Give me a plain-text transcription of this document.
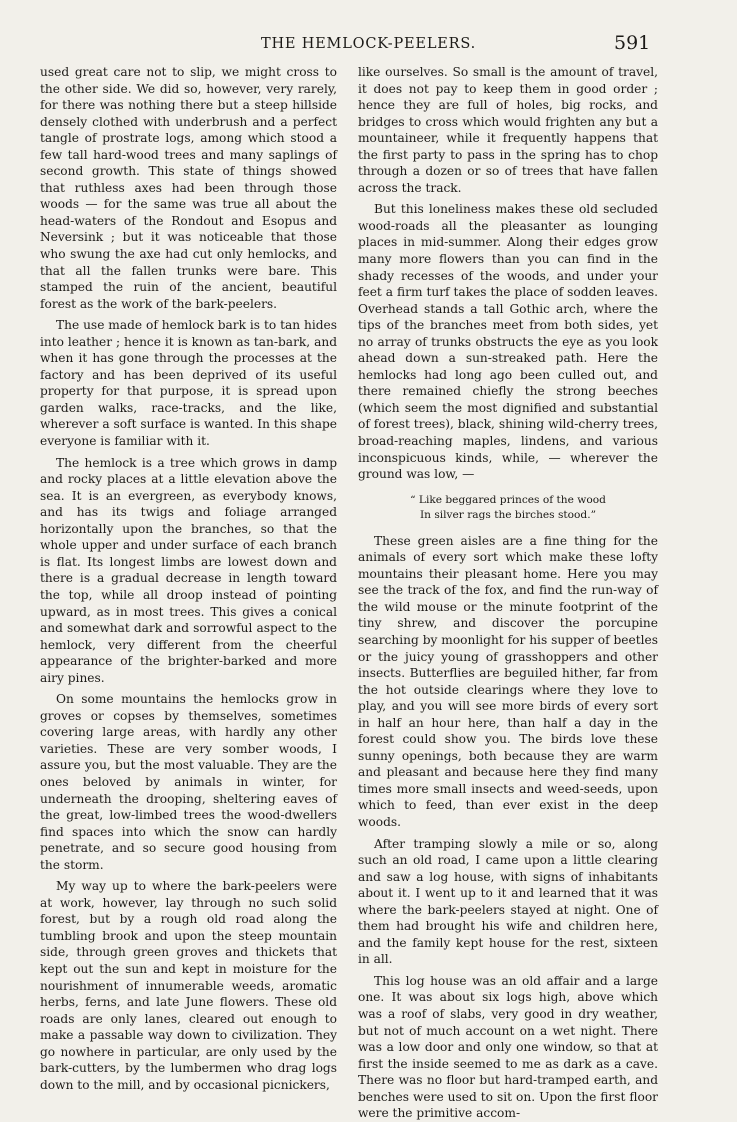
THE HEMLOCK-PEELERS.	591

used great care not to slip, we might cross to the other side. We did so, however, very rarely, for there was nothing there but a steep hillside densely clothed with underbrush and a perfect tangle of prostrate logs, among which stood a few tall hard-wood trees and many saplings of second growth. This state of things showed that ruthless axes had been through those woods — for the same was true all about the head-waters of the Rondout and Esopus and Neversink ; but it was noticeable that those who swung the axe had cut only hemlocks, and that all the fallen trunks were bare. This stamped the ruin of the ancient, beautiful forest as the work of the bark-peelers.

The use made of hemlock bark is to tan hides into leather ; hence it is known as tan-bark, and when it has gone through the processes at the factory and has been deprived of its useful property for that purpose, it is spread upon garden walks, race-tracks, and the like, wherever a soft surface is wanted. In this shape everyone is familiar with it.

The hemlock is a tree which grows in damp and rocky places at a little elevation above the sea. It is an evergreen, as everybody knows, and has its twigs and foliage arranged horizontally upon the branches, so that the whole upper and under surface of each branch is flat. Its longest limbs are lowest down and there is a gradual decrease in length toward the top, while all droop instead of pointing upward, as in most trees. This gives a conical and somewhat dark and sorrowful aspect to the hemlock, very different from the cheerful appearance of the brighter-barked and more airy pines.

On some mountains the hemlocks grow in groves or copses by themselves, sometimes covering large areas, with hardly any other varieties. These are very somber woods, I assure you, but the most valuable. They are the ones beloved by animals in winter, for underneath the drooping, sheltering eaves of the great, low-limbed trees the wood-dwellers find spaces into which the snow can hardly penetrate, and so secure good housing from the storm.

My way up to where the bark-peelers were at work, however, lay through no such solid forest, but by a rough old road along the tumbling brook and upon the steep mountain side, through green groves and thickets that kept out the sun and kept in moisture for the nourishment of innumerable weeds, aromatic herbs, ferns, and late June flowers. These old roads are only lanes, cleared out enough to make a passable way down to civilization. They go nowhere in particular, are only used by the bark-cutters, by the lumbermen who drag logs down to the mill, and by occasional picnickers,

like ourselves. So small is the amount of travel, it does not pay to keep them in good order ; hence they are full of holes, big rocks, and bridges to cross which would frighten any but a mountaineer, while it frequently happens that the first party to pass in the spring has to chop through a dozen or so of trees that have fallen across the track.

But this loneliness makes these old secluded wood-roads all the pleasanter as lounging places in mid-summer. Along their edges grow many more flowers than you can find in the shady recesses of the woods, and under your feet a firm turf takes the place of sodden leaves. Overhead stands a tall Gothic arch, where the tips of the branches meet from both sides, yet no array of trunks obstructs the eye as you look ahead down a sun-streaked path. Here the hemlocks had long ago been culled out, and there remained chiefly the strong beeches (which seem the most dignified and substantial of forest trees), black, shining wild-cherry trees, broad-reaching maples, lindens, and various inconspicuous kinds, while, — wherever the ground was low, —

“ Like beggared princes of the wood
In silver rags the birches stood.”

These green aisles are a fine thing for the animals of every sort which make these lofty mountains their pleasant home. Here you may see the track of the fox, and find the run-way of the wild mouse or the minute footprint of the tiny shrew, and discover the porcupine searching by moonlight for his supper of beetles or the juicy young of grasshoppers and other insects. Butterflies are beguiled hither, far from the hot outside clearings where they love to play, and you will see more birds of every sort in half an hour here, than half a day in the forest could show you. The birds love these sunny openings, both because they are warm and pleasant and because here they find many times more small insects and weed-seeds, upon which to feed, than ever exist in the deep woods.

After tramping slowly a mile or so, along such an old road, I came upon a little clearing and saw a log house, with signs of inhabitants about it. I went up to it and learned that it was where the bark-peelers stayed at night. One of them had brought his wife and children here, and the family kept house for the rest, sixteen in all.

This log house was an old affair and a large one. It was about six logs high, above which was a roof of slabs, very good in dry weather, but not of much account on a wet night. There was a low door and only one window, so that at first the inside seemed to me as dark as a cave. There was no floor but hard-tramped earth, and benches were used to sit on. Upon the first floor were the primitive accom-
